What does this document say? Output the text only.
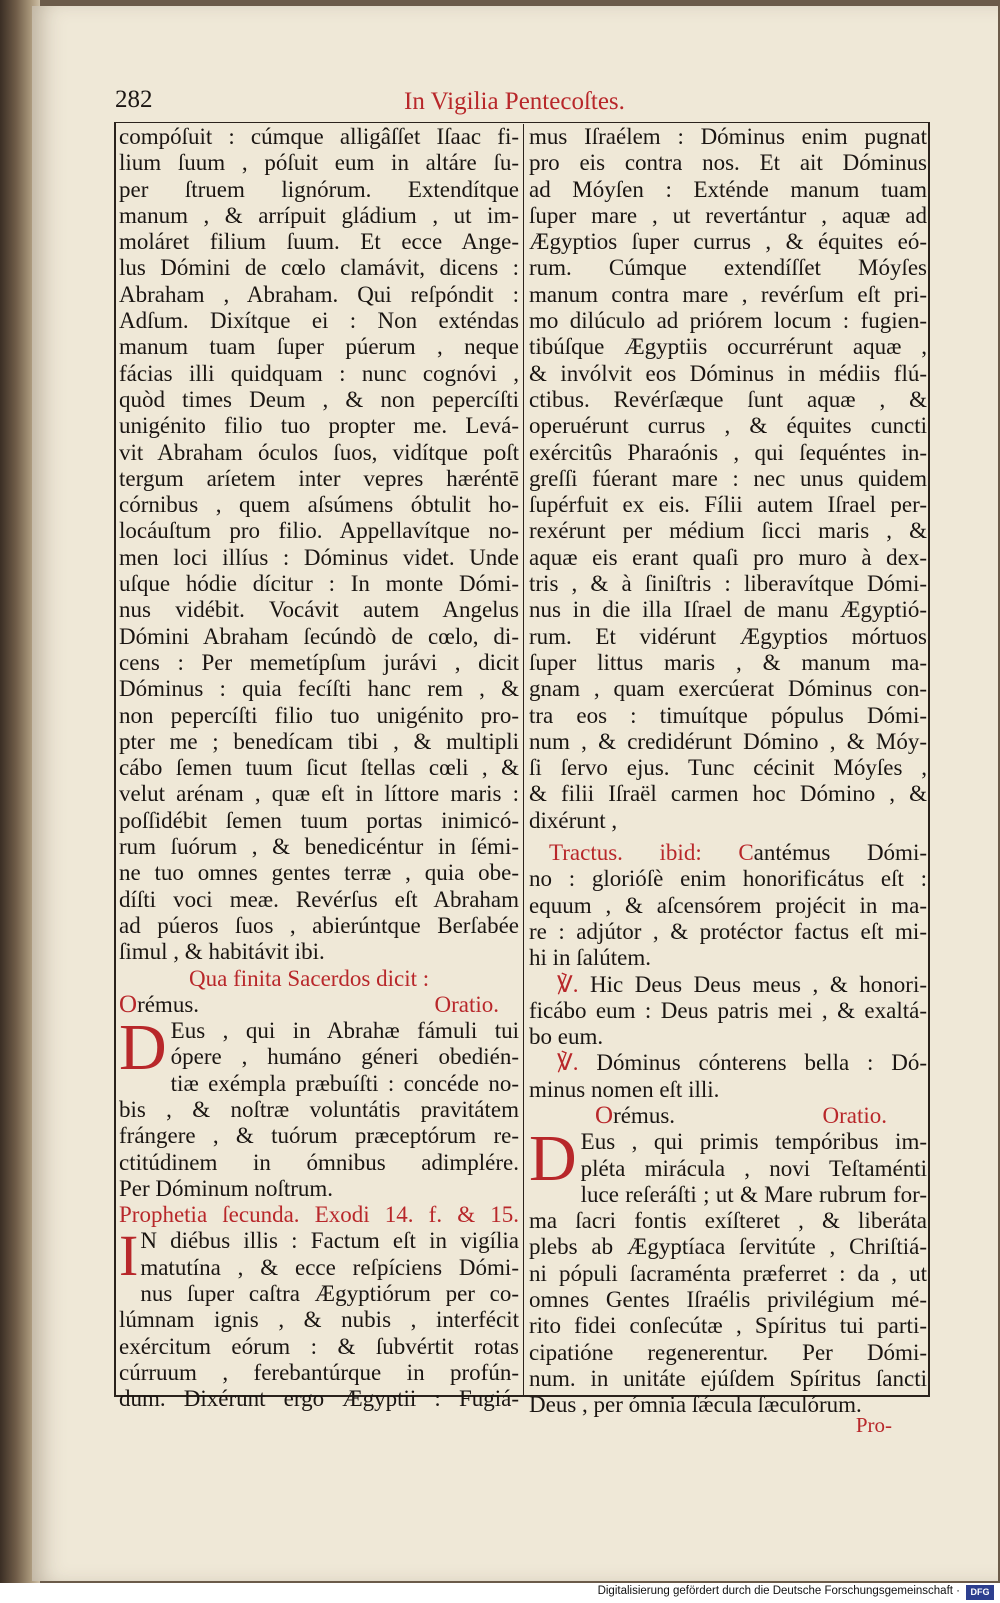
282	In Vigilia Pentecoſtes.
compóſuit : cúmque alligâſſet Iſaac fi-
lium ſuum , póſuit eum in altáre ſu-
per ſtruem lignórum. Extendítque
manum , & arrípuit gládium , ut im-
moláret filium ſuum. Et ecce Ange-
lus Dómini de cœlo clamávit, dicens :
Abraham , Abraham. Qui reſpóndit :
Adſum. Dixítque ei : Non exténdas
manum tuam ſuper púerum , neque
fácias illi quidquam : nunc cognóvi ,
quòd times Deum , & non pepercíſti
unigénito filio tuo propter me. Levá-
vit Abraham óculos ſuos, vidítque poſt
tergum aríetem inter vepres hæréntē
córnibus , quem aſsúmens óbtulit ho-
locáuſtum pro filio. Appellavítque no-
men loci illíus : Dóminus videt. Unde
uſque hódie dícitur : In monte Dómi-
nus vidébit. Vocávit autem Angelus
Dómini Abraham ſecúndò de cœlo, di-
cens : Per memetípſum jurávi , dicit
Dóminus : quia fecíſti hanc rem , &
non pepercíſti filio tuo unigénito pro-
pter me ; benedícam tibi , & multipli
cábo ſemen tuum ſicut ſtellas cœli , &
velut arénam , quæ eſt in líttore maris :
poſſidébit ſemen tuum portas inimicó-
rum ſuórum , & benedicéntur in ſémi-
ne tuo omnes gentes terræ , quia obe-
díſti voci meæ. Revérſus eſt Abraham
ad púeros ſuos , abierúntque Berſabée
ſimul , & habitávit ibi.
Qua finita Sacerdos dicit :
Orémus.	Oratio.
D Eus , qui in Abrahæ fámuli tui
ópere , humáno géneri obedién-
tiæ exémpla præbuíſti : concéde no-
bis , & noſtræ voluntátis pravitátem
frángere , & tuórum præceptórum re-
ctitúdinem in ómnibus adimplére.
Per Dóminum noſtrum.
Prophetia ſecunda. Exodi 14. f. & 15.
I N diébus illis : Factum eſt in vigília
matutína , & ecce reſpíciens Dómi-
nus ſuper caſtra Ægyptiórum per co-
lúmnam ignis , & nubis , interfécit
exércitum eórum : & ſubvértit rotas
cúrruum , ferebantúrque in profún-
dum. Dixérunt ergo Ægyptii : Fugiá-
mus Iſraélem : Dóminus enim pugnat
pro eis contra nos. Et ait Dóminus
ad Móyſen : Exténde manum tuam
ſuper mare , ut revertántur , aquæ ad
Ægyptios ſuper currus , & équites eó-
rum. Cúmque extendíſſet Móyſes
manum contra mare , revérſum eſt pri-
mo dilúculo ad priórem locum : fugien-
tibúſque Ægyptiis occurrérunt aquæ ,
& invólvit eos Dóminus in médiis flú-
ctibus. Revérſæque ſunt aquæ , &
operuérunt currus , & équites cuncti
exércitûs Pharaónis , qui ſequéntes in-
greſſi fúerant mare : nec unus quidem
ſupérfuit ex eis. Fílii autem Iſrael per-
rexérunt per médium ſicci maris , &
aquæ eis erant quaſi pro muro à dex-
tris , & à ſiniſtris : liberavítque Dómi-
nus in die illa Iſrael de manu Ægyptió-
rum. Et vidérunt Ægyptios mórtuos
ſuper littus maris , & manum ma-
gnam , quam exercúerat Dóminus con-
tra eos : timuítque pópulus Dómi-
num , & credidérunt Dómino , & Móy-
ſi ſervo ejus. Tunc cécinit Móyſes ,
& filii Iſraël carmen hoc Dómino , &
dixérunt ,
Tractus. ibid: Cantémus Dómi-
no : glorióſè enim honorificátus eſt :
equum , & aſcensórem projécit in ma-
re : adjútor , & protéctor factus eſt mi-
hi in ſalútem.
℣. Hic Deus Deus meus , & honori-
ficábo eum : Deus patris mei , & exaltá-
bo eum.
℣. Dóminus cónterens bella : Dó-
minus nomen eſt illi.
Orémus.	Oratio.
D Eus , qui primis tempóribus im-
pléta mirácula , novi Teſtaménti
luce reſeráſti ; ut & Mare rubrum for-
ma ſacri fontis exíſteret , & liberáta
plebs ab Ægyptíaca ſervitúte , Chriſtiá-
ni pópuli ſacraménta præferret : da , ut
omnes Gentes Iſraélis privilégium mé-
rito fidei conſecútæ , Spíritus tui parti-
cipatióne regenerentur. Per Dómi-
num. in unitáte ejúſdem Spíritus ſancti
Deus , per ómnia ſǽcula ſæculórum.
Pro-
Digitalisierung gefördert durch die Deutsche Forschungsgemeinschaft ·	DFG
